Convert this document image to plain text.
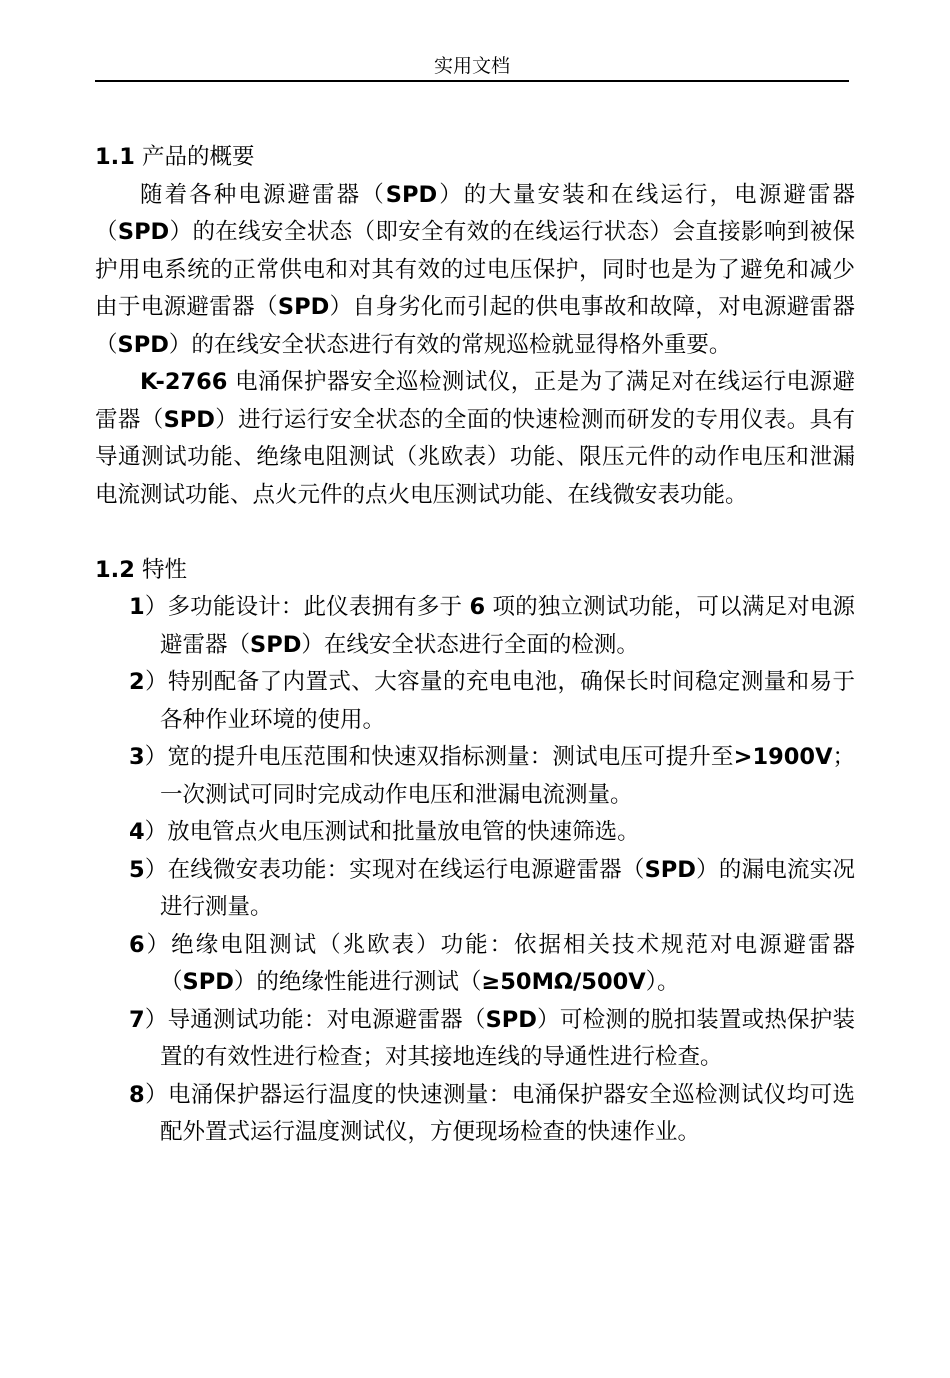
实用文档

1.1 产品的概要

随着各种电源避雷器（SPD）的大量安装和在线运行，电源避雷器（SPD）的在线安全状态（即安全有效的在线运行状态）会直接影响到被保护用电系统的正常供电和对其有效的过电压保护，同时也是为了避免和减少由于电源避雷器（SPD）自身劣化而引起的供电事故和故障，对电源避雷器（SPD）的在线安全状态进行有效的常规巡检就显得格外重要。

K-2766 电涌保护器安全巡检测试仪，正是为了满足对在线运行电源避雷器（SPD）进行运行安全状态的全面的快速检测而研发的专用仪表。具有导通测试功能、绝缘电阻测试（兆欧表）功能、限压元件的动作电压和泄漏电流测试功能、点火元件的点火电压测试功能、在线微安表功能。

1.2 特性

1）多功能设计：此仪表拥有多于 6 项的独立测试功能，可以满足对电源避雷器（SPD）在线安全状态进行全面的检测。
2）特别配备了内置式、大容量的充电电池，确保长时间稳定测量和易于各种作业环境的使用。
3）宽的提升电压范围和快速双指标测量：测试电压可提升至>1900V；一次测试可同时完成动作电压和泄漏电流测量。
4）放电管点火电压测试和批量放电管的快速筛选。
5）在线微安表功能：实现对在线运行电源避雷器（SPD）的漏电流实况进行测量。
6）绝缘电阻测试（兆欧表）功能：依据相关技术规范对电源避雷器（SPD）的绝缘性能进行测试（≥50MΩ/500V）。
7）导通测试功能：对电源避雷器（SPD）可检测的脱扣装置或热保护装置的有效性进行检查；对其接地连线的导通性进行检查。
8）电涌保护器运行温度的快速测量：电涌保护器安全巡检测试仪均可选配外置式运行温度测试仪，方便现场检查的快速作业。
